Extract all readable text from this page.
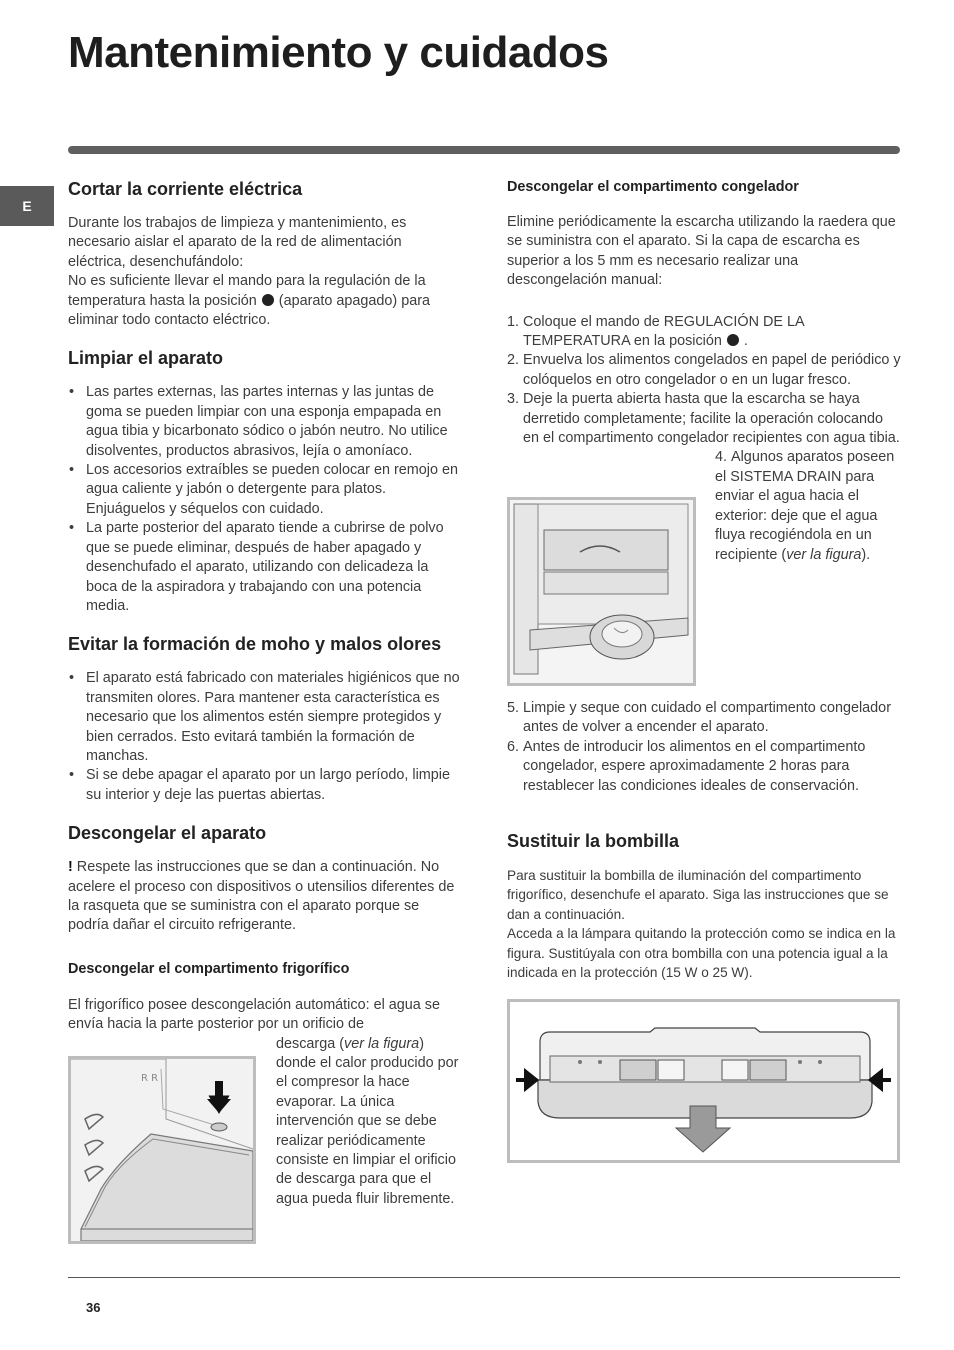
Mantenimiento y cuidados
E
Cortar la corriente eléctrica

Durante los trabajos de limpieza y mantenimiento, es necesario aislar el aparato de la red de alimentación eléctrica, desenchufándolo:

No es suficiente llevar el mando para la regulación de la temperatura hasta la posición (aparato apagado) para eliminar todo contacto eléctrico.

Limpiar el aparato
• Las partes externas, las partes internas y las juntas de goma se pueden limpiar con una esponja empapada en agua tibia y bicarbonato sódico o jabón neutro. No utilice disolventes, productos abrasivos, lejía o amoníaco.
• Los accesorios extraíbles se pueden colocar en remojo en agua caliente y jabón o detergente para platos. Enjuáguelos y séquelos con cuidado.
• La parte posterior del aparato tiende a cubrirse de polvo que se puede eliminar, después de haber apagado y desenchufado el aparato, utilizando con delicadeza la boca de la aspiradora y trabajando con una potencia media.
Evitar la formación de moho y malos olores
• El aparato está fabricado con materiales higiénicos que no transmiten olores. Para mantener esta característica es necesario que los alimentos estén siempre protegidos y bien cerrados. Esto evitará también la formación de manchas.
• Si se debe apagar el aparato por un largo período, limpie su interior y deje las puertas abiertas.
Descongelar el aparato

! Respete las instrucciones que se dan a continuación. No acelere el proceso con dispositivos o utensilios diferentes de la rasqueta que se suministra con el aparato porque se podría dañar el circuito refrigerante.

Descongelar el compartimento frigorífico

El frigorífico posee descongelación automático: el agua se envía hacia la parte posterior por un orificio de

descarga (ver la figura) donde el calor producido por el compresor la hace evaporar. La única intervención que se debe realizar periódicamente consiste en limpiar el orificio de descarga para que el agua pueda fluir libremente.

R R
Descongelar el compartimento congelador

Elimine periódicamente la escarcha utilizando la raedera que se suministra con el aparato. Si la capa de escarcha es superior a los 5 mm es necesario realizar una descongelación manual:

1. Coloque el mando de REGULACIÓN DE LA TEMPERATURA en la posición .
2. Envuelva los alimentos congelados en papel de periódico y colóquelos en otro congelador o en un lugar fresco.
3. Deje la puerta abierta hasta que la escarcha se haya derretido completamente; facilite la operación colocando en el compartimento congelador recipientes con agua tibia.
4. Algunos aparatos poseen el SISTEMA DRAIN para enviar el agua hacia el exterior: deje que el agua fluya recogiéndola en un recipiente (ver la figura).
5. Limpie y seque con cuidado el compartimento congelador antes de volver a encender el aparato.
6. Antes de introducir los alimentos en el compartimento congelador, espere aproximadamente 2 horas para restablecer las condiciones ideales de conservación.
Sustituir la bombilla

Para sustituir la bombilla de iluminación del compartimento frigorífico, desenchufe el aparato. Siga las instrucciones que se dan a continuación.

Acceda a la lámpara quitando la protección como se indica en la figura. Sustitúyala con otra bombilla con una potencia igual a la indicada en la protección (15 W o 25 W).

36
